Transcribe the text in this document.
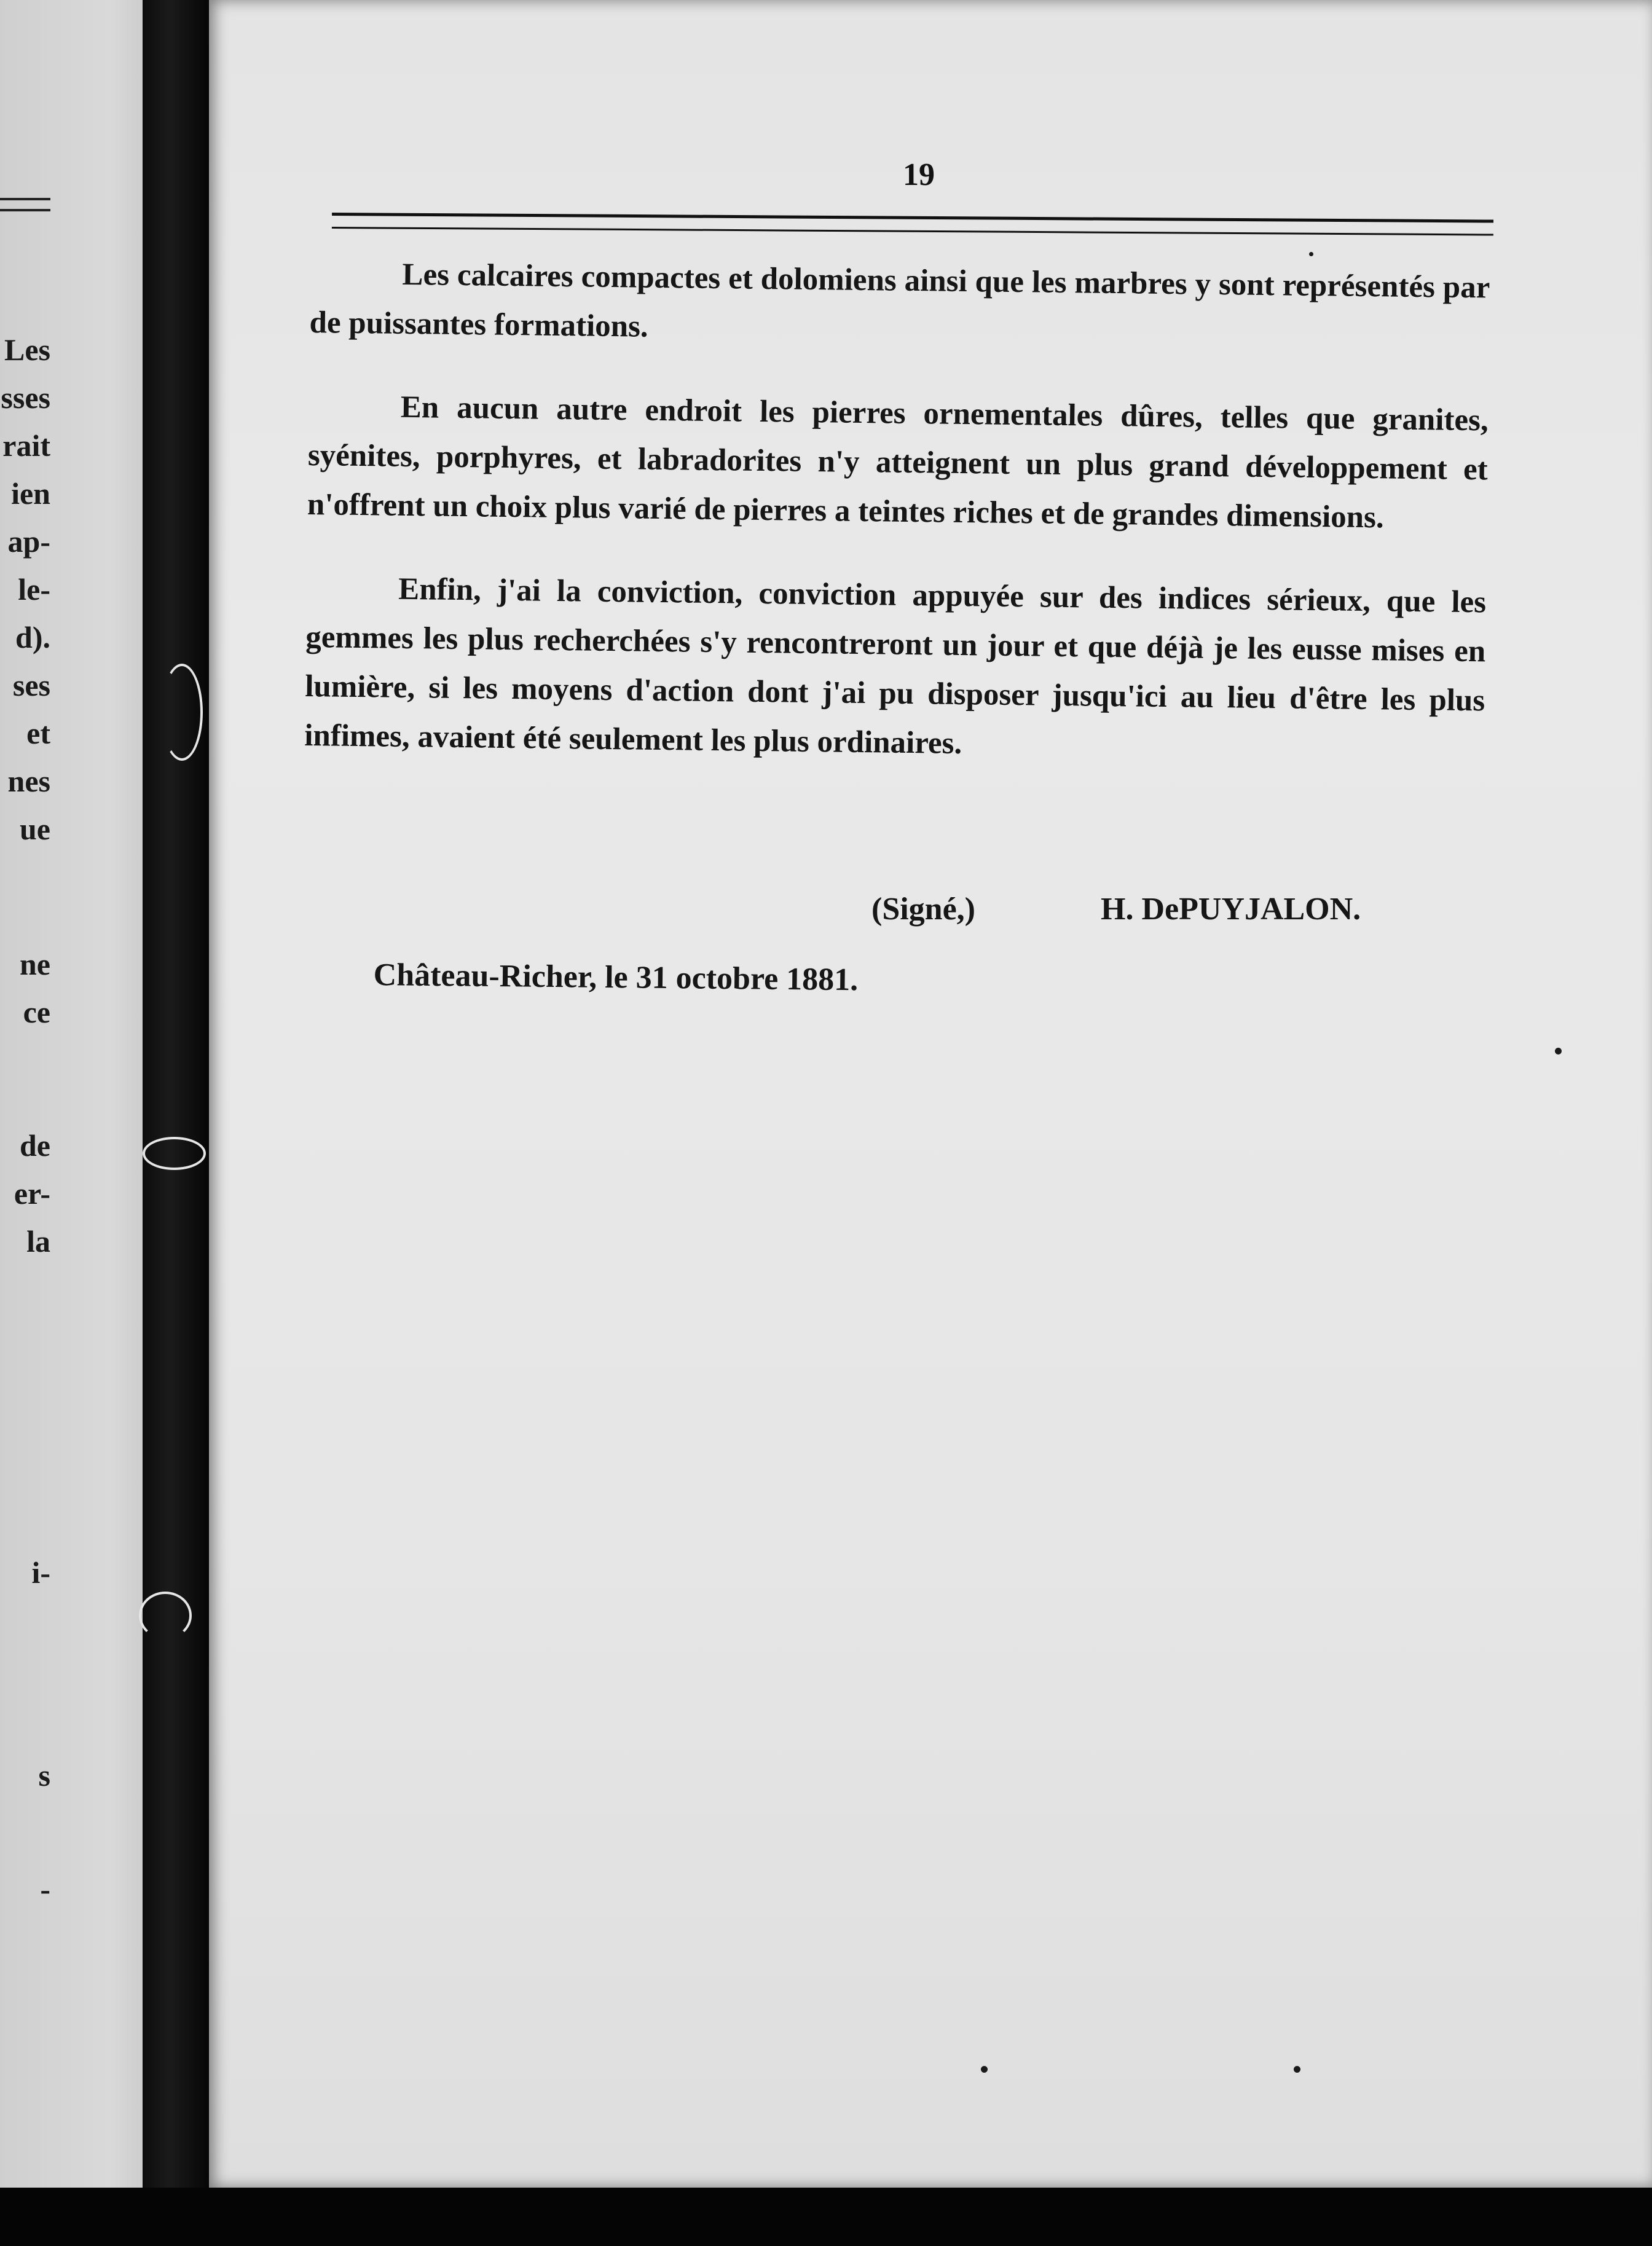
Les
sses
rait
ien
ap-
le-
d).
ses
et
nes
ue
ne
ce
de
er-
la
i-
s
-
19

Les calcaires compactes et dolomiens ainsi que les marbres y sont représentés par de puissantes formations.

En aucun autre endroit les pierres ornementales dûres, telles que granites, syénites, porphyres, et labradorites n'y atteignent un plus grand développement et n'offrent un choix plus varié de pierres a teintes riches et de grandes dimensions.

Enfin, j'ai la conviction, conviction appuyée sur des indices sérieux, que les gemmes les plus recherchées s'y rencontreront un jour et que déjà je les eusse mises en lumière, si les moyens d'action dont j'ai pu disposer jusqu'ici au lieu d'être les plus infimes, avaient été seulement les plus ordinaires.

(Signé,)	H. DePUYJALON.
Château-Richer, le 31 octobre 1881.
